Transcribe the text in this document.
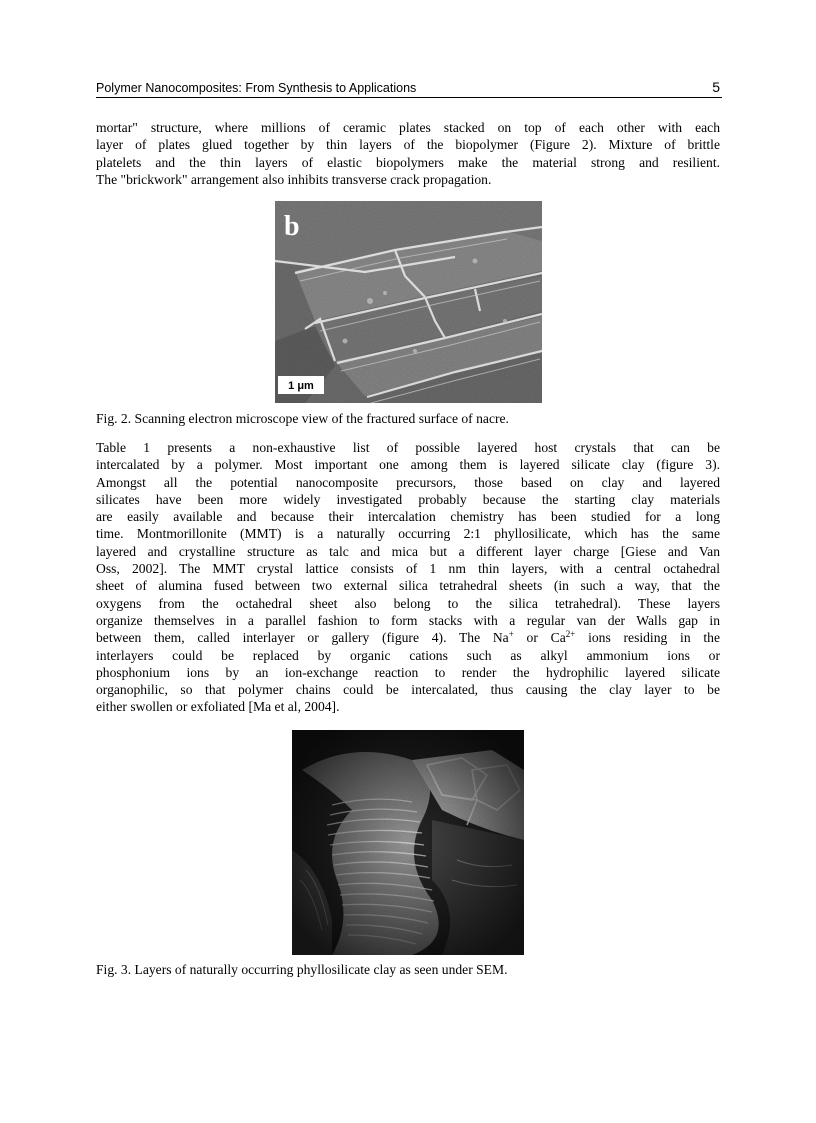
Polymer Nanocomposites: From Synthesis to Applications	5
mortar" structure, where millions of ceramic plates stacked on top of each other with each
layer of plates glued together by thin layers of the biopolymer (Figure 2). Mixture of brittle
platelets and the thin layers of elastic biopolymers make the material strong and resilient.
The "brickwork" arrangement also inhibits transverse crack propagation.
b
1 μm
Fig. 2. Scanning electron microscope view of the fractured surface of nacre.
Table 1 presents a non-exhaustive list of possible layered host crystals that can be
intercalated by a polymer. Most important one among them is layered silicate clay (figure 3).
Amongst all the potential nanocomposite precursors, those based on clay and layered
silicates have been more widely investigated probably because the starting clay materials
are easily available and because their intercalation chemistry has been studied for a long
time. Montmorillonite (MMT) is a naturally occurring 2:1 phyllosilicate, which has the same
layered and crystalline structure as talc and mica but a different layer charge [Giese and Van
Oss, 2002]. The MMT crystal lattice consists of 1 nm thin layers, with a central octahedral
sheet of alumina fused between two external silica tetrahedral sheets (in such a way, that the
oxygens from the octahedral sheet also belong to the silica tetrahedral). These layers
organize themselves in a parallel fashion to form stacks with a regular van der Walls gap in
between them, called interlayer or gallery (figure 4). The Na+ or $Ca^{2+}$ ions residing in the
interlayers could be replaced by organic cations such as alkyl ammonium ions or
phosphonium ions by an ion-exchange reaction to render the hydrophilic layered silicate
organophilic, so that polymer chains could be intercalated, thus causing the clay layer to be
either swollen or exfoliated [Ma et al, 2004].
Fig. 3. Layers of naturally occurring phyllosilicate clay as seen under SEM.
